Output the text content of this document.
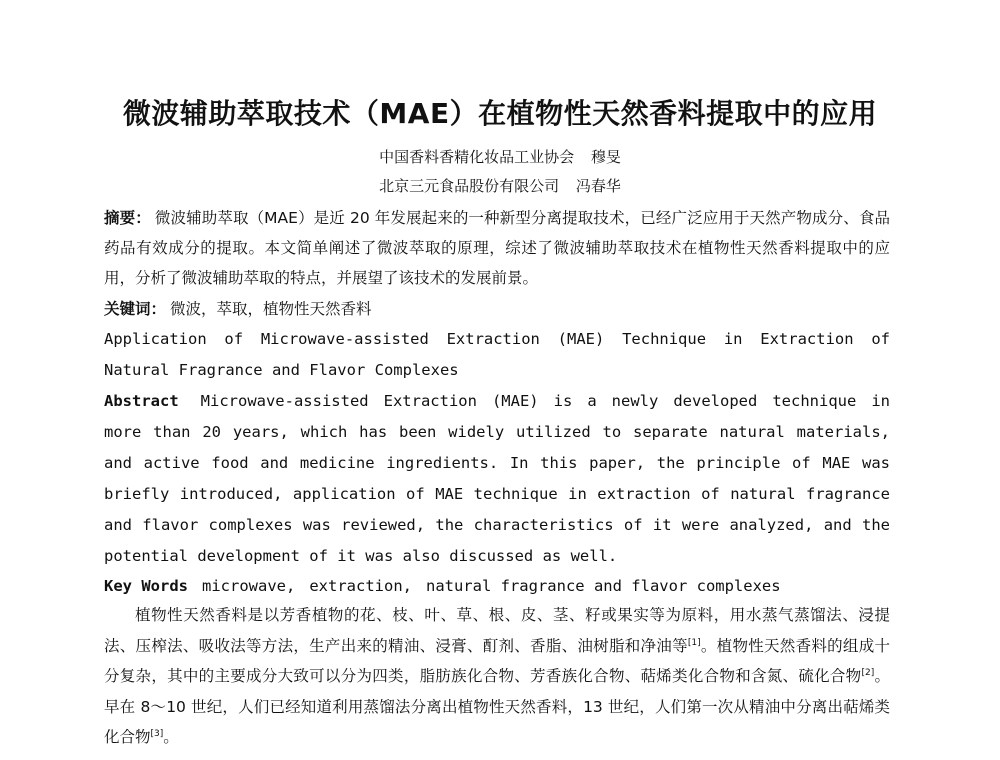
微波辅助萃取技术（MAE）在植物性天然香料提取中的应用
中国香料香精化妆品工业协会 穆旻
北京三元食品股份有限公司 冯春华
摘要： 微波辅助萃取（MAE）是近 20 年发展起来的一种新型分离提取技术，已经广泛应用于天然产物成分、食品药品有效成分的提取。本文简单阐述了微波萃取的原理，综述了微波辅助萃取技术在植物性天然香料提取中的应用，分析了微波辅助萃取的特点，并展望了该技术的发展前景。
关键词： 微波，萃取，植物性天然香料
Application of Microwave-assisted Extraction (MAE) Technique in Extraction of Natural Fragrance and Flavor Complexes
Abstract Microwave-assisted Extraction (MAE) is a newly developed technique in more than 20 years, which has been widely utilized to separate natural materials, and active food and medicine ingredients. In this paper, the principle of MAE was briefly introduced, application of MAE technique in extraction of natural fragrance and flavor complexes was reviewed, the characteristics of it were analyzed, and the potential development of it was also discussed as well.
Key Words microwave, extraction, natural fragrance and flavor complexes
植物性天然香料是以芳香植物的花、枝、叶、草、根、皮、茎、籽或果实等为原料，用水蒸气蒸馏法、浸提法、压榨法、吸收法等方法，生产出来的精油、浸膏、酊剂、香脂、油树脂和净油等[1]。植物性天然香料的组成十分复杂，其中的主要成分大致可以分为四类，脂肪族化合物、芳香族化合物、萜烯类化合物和含氮、硫化合物[2]。早在 8～10 世纪，人们已经知道利用蒸馏法分离出植物性天然香料，13 世纪，人们第一次从精油中分离出萜烯类化合物[3]。
